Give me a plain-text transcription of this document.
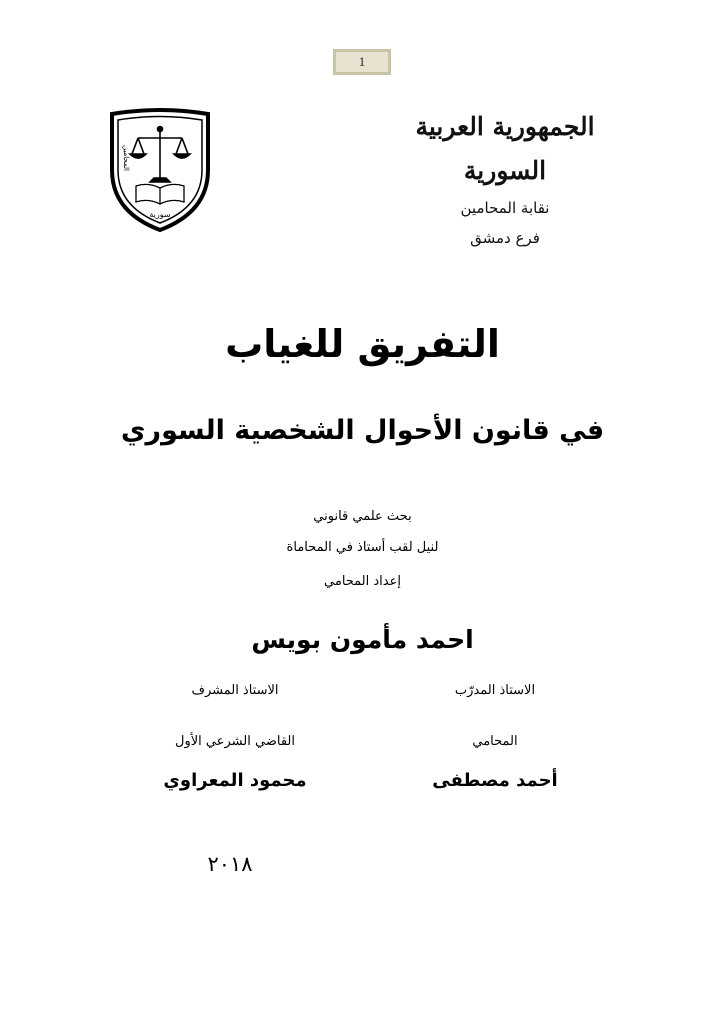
1
سورية
المحامين
الجمهورية العربية السورية
نقابة المحامين
فرع دمشق
التفريق للغياب
في قانون الأحوال الشخصية السوري
بحث علمي قانوني
لنيل لقب أستاذ في المحاماة
إعداد المحامي
احمد مأمون بويس
الاستاذ المدرّب
الاستاذ المشرف
المحامي
القاضي الشرعي الأول
أحمد مصطفى
محمود المعراوي
٢٠١٨
